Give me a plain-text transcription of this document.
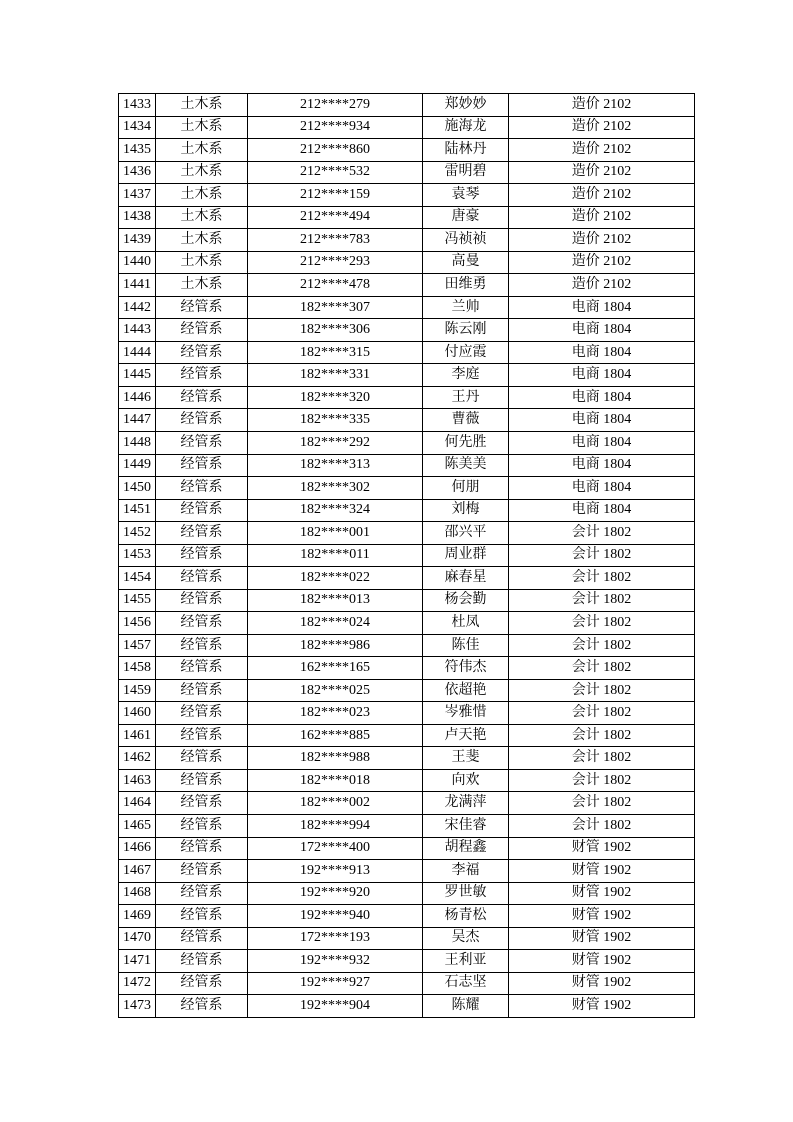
1433	土木系	212****279	郑妙妙	造价 2102
1434	土木系	212****934	施海龙	造价 2102
1435	土木系	212****860	陆林丹	造价 2102
1436	土木系	212****532	雷明碧	造价 2102
1437	土木系	212****159	袁琴	造价 2102
1438	土木系	212****494	唐豪	造价 2102
1439	土木系	212****783	冯祯祯	造价 2102
1440	土木系	212****293	高曼	造价 2102
1441	土木系	212****478	田维勇	造价 2102
1442	经管系	182****307	兰帅	电商 1804
1443	经管系	182****306	陈云刚	电商 1804
1444	经管系	182****315	付应霞	电商 1804
1445	经管系	182****331	李庭	电商 1804
1446	经管系	182****320	王丹	电商 1804
1447	经管系	182****335	曹薇	电商 1804
1448	经管系	182****292	何先胜	电商 1804
1449	经管系	182****313	陈美美	电商 1804
1450	经管系	182****302	何朋	电商 1804
1451	经管系	182****324	刘梅	电商 1804
1452	经管系	182****001	邵兴平	会计 1802
1453	经管系	182****011	周业群	会计 1802
1454	经管系	182****022	麻春星	会计 1802
1455	经管系	182****013	杨会勤	会计 1802
1456	经管系	182****024	杜凤	会计 1802
1457	经管系	182****986	陈佳	会计 1802
1458	经管系	162****165	符伟杰	会计 1802
1459	经管系	182****025	依超艳	会计 1802
1460	经管系	182****023	岑雅惜	会计 1802
1461	经管系	162****885	卢天艳	会计 1802
1462	经管系	182****988	王斐	会计 1802
1463	经管系	182****018	向欢	会计 1802
1464	经管系	182****002	龙满萍	会计 1802
1465	经管系	182****994	宋佳睿	会计 1802
1466	经管系	172****400	胡程鑫	财管 1902
1467	经管系	192****913	李福	财管 1902
1468	经管系	192****920	罗世敏	财管 1902
1469	经管系	192****940	杨青松	财管 1902
1470	经管系	172****193	吴杰	财管 1902
1471	经管系	192****932	王利亚	财管 1902
1472	经管系	192****927	石志坚	财管 1902
1473	经管系	192****904	陈耀	财管 1902
